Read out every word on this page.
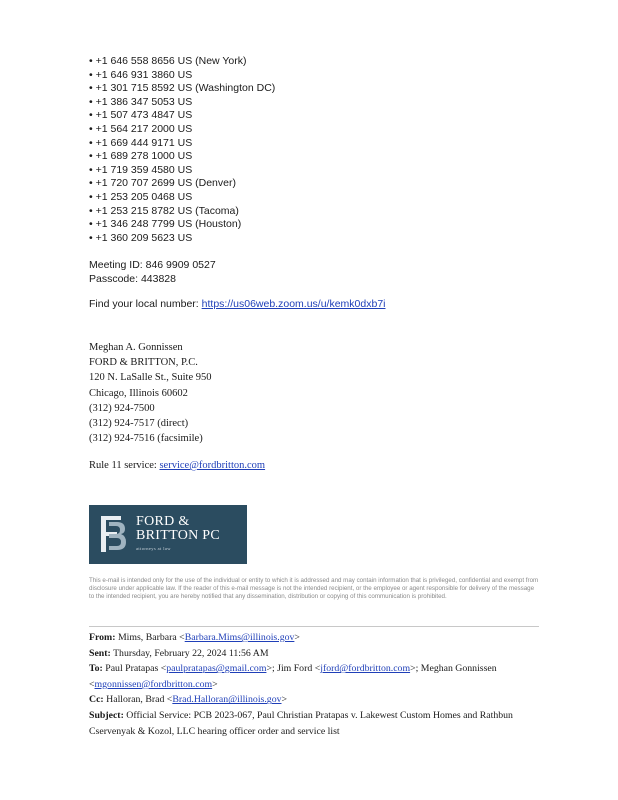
• +1 646 558 8656 US (New York)
• +1 646 931 3860 US
• +1 301 715 8592 US (Washington DC)
• +1 386 347 5053 US
• +1 507 473 4847 US
• +1 564 217 2000 US
• +1 669 444 9171 US
• +1 689 278 1000 US
• +1 719 359 4580 US
• +1 720 707 2699 US (Denver)
• +1 253 205 0468 US
• +1 253 215 8782 US (Tacoma)
• +1 346 248 7799 US (Houston)
• +1 360 209 5623 US
Meeting ID: 846 9909 0527
Passcode: 443828
Find your local number: https://us06web.zoom.us/u/kemk0dxb7i
Meghan A. Gonnissen
FORD & BRITTON, P.C.
120 N. LaSalle St., Suite 950
Chicago, Illinois 60602
(312) 924-7500
(312) 924-7517 (direct)
(312) 924-7516 (facsimile)
Rule 11 service: service@fordbritton.com
FORD &
BRITTON PC
attorneys at law
This e-mail is intended only for the use of the individual or entity to which it is addressed and may contain information that is privileged, confidential and exempt from disclosure under applicable law. If the reader of this e-mail message is not the intended recipient, or the employee or agent responsible for delivery of the message to the intended recipient, you are hereby notified that any dissemination, distribution or copying of this communication is prohibited.
From: Mims, Barbara <Barbara.Mims@illinois.gov>
Sent: Thursday, February 22, 2024 11:56 AM
To: Paul Pratapas <paulpratapas@gmail.com>; Jim Ford <jford@fordbritton.com>; Meghan Gonnissen <mgonnissen@fordbritton.com>
Cc: Halloran, Brad <Brad.Halloran@illinois.gov>
Subject: Official Service: PCB 2023-067, Paul Christian Pratapas v. Lakewest Custom Homes and Rathbun Cservenyak & Kozol, LLC hearing officer order and service list
